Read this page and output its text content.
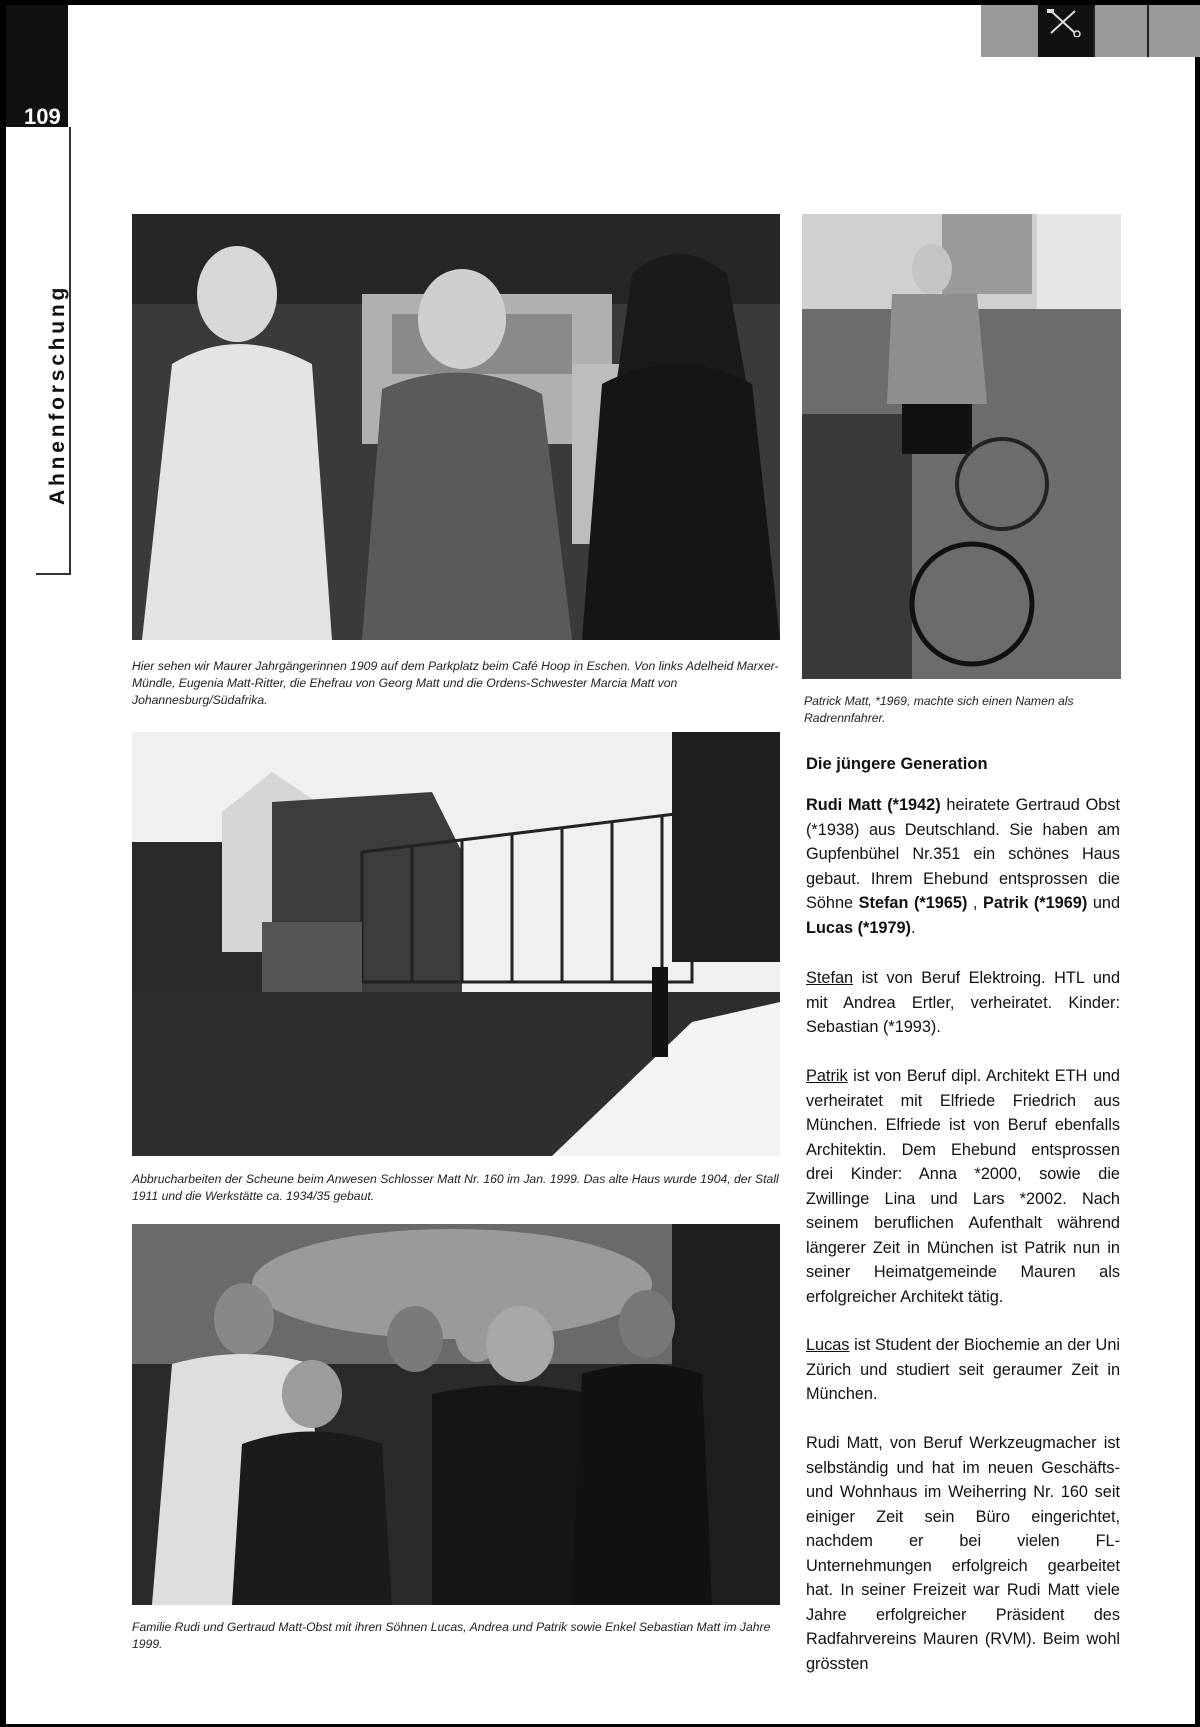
109
Ahnenforschung
Hier sehen wir Maurer Jahrgängerinnen 1909 auf dem Parkplatz beim Café Hoop in Eschen. Von links Adelheid Marxer-Mündle, Eugenia Matt-Ritter, die Ehefrau von Georg Matt und die Ordens-Schwester Marcia Matt von Johannesburg/Südafrika.	Patrick Matt, *1969, machte sich einen Namen als Radrennfahrer.
Die jüngere Generation
Abbrucharbeiten der Scheune beim Anwesen Schlosser Matt Nr. 160 im Jan. 1999. Das alte Haus wurde 1904, der Stall 1911 und die Werkstätte ca. 1934/35 gebaut.
Familie Rudi und Gertraud Matt-Obst mit ihren Söhnen Lucas, Andrea und Patrik sowie Enkel Sebastian Matt im Jahre 1999.

Rudi Matt (*1942) heiratete Gertraud Obst (*1938) aus Deutschland. Sie haben am Gupfenbühel Nr.351 ein schönes Haus gebaut. Ihrem Ehebund entsprossen die Söhne Stefan (*1965) , Patrik (*1969) und Lucas (*1979).

Stefan ist von Beruf Elektroing. HTL und mit Andrea Ertler, verheiratet. Kinder: Sebastian (*1993).

Patrik ist von Beruf dipl. Architekt ETH und verheiratet mit Elfriede Friedrich aus München. Elfriede ist von Beruf ebenfalls Architektin. Dem Ehebund entsprossen drei Kinder: Anna *2000, sowie die Zwillinge Lina und Lars *2002. Nach seinem beruflichen Aufenthalt während längerer Zeit in München ist Patrik nun in seiner Heimatgemeinde Mauren als erfolgreicher Architekt tätig.

Lucas ist Student der Biochemie an der Uni Zürich und studiert seit geraumer Zeit in München.

Rudi Matt, von Beruf Werkzeugmacher ist selbständig und hat im neuen Geschäfts- und Wohnhaus im Weiherring Nr. 160 seit einiger Zeit sein Büro eingerichtet, nachdem er bei vielen FL-Unternehmungen erfolgreich gearbeitet hat. In seiner Freizeit war Rudi Matt viele Jahre erfolgreicher Präsident des Radfahrvereins Mauren (RVM). Beim wohl grössten
